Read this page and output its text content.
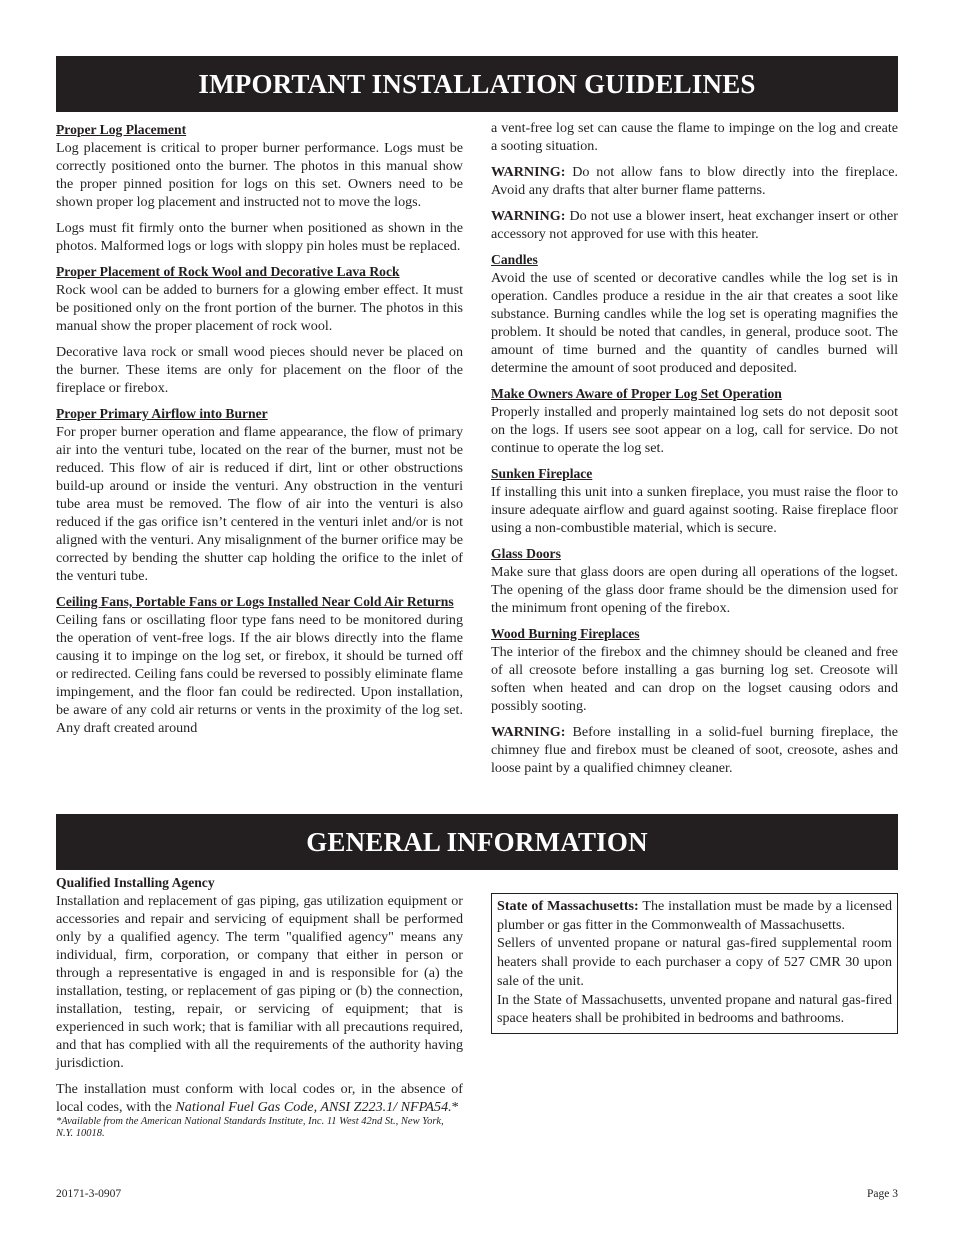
IMPORTANT INSTALLATION GUIDELINES
Proper Log Placement

Log placement is critical to proper burner performance. Logs must be correctly positioned onto the burner. The photos in this manual show the proper pinned position for logs on this set. Owners need to be shown proper log placement and instructed not to move the logs.

Logs must fit firmly onto the burner when positioned as shown in the photos. Malformed logs or logs with sloppy pin holes must be replaced.

Proper Placement of Rock Wool and Decorative Lava Rock

Rock wool can be added to burners for a glowing ember effect. It must be positioned only on the front portion of the burner. The photos in this manual show the proper placement of rock wool.

Decorative lava rock or small wood pieces should never be placed on the burner. These items are only for placement on the floor of the fireplace or firebox.

Proper Primary Airflow into Burner

For proper burner operation and flame appearance, the flow of primary air into the venturi tube, located on the rear of the burner, must not be reduced. This flow of air is reduced if dirt, lint or other obstructions build-up around or inside the venturi. Any obstruction in the venturi tube area must be removed. The flow of air into the venturi is also reduced if the gas orifice isn’t centered in the venturi inlet and/or is not aligned with the venturi. Any misalignment of the burner orifice may be corrected by bending the shutter cap holding the orifice to the inlet of the venturi tube.

Ceiling Fans, Portable Fans or Logs Installed Near Cold Air Returns

Ceiling fans or oscillating floor type fans need to be monitored during the operation of vent-free logs. If the air blows directly into the flame causing it to impinge on the log set, or firebox, it should be turned off or redirected. Ceiling fans could be reversed to possibly eliminate flame impingement, and the floor fan could be redirected. Upon installation, be aware of any cold air returns or vents in the proximity of the log set. Any draft created around

a vent-free log set can cause the flame to impinge on the log and create a sooting situation.

WARNING: Do not allow fans to blow directly into the fireplace. Avoid any drafts that alter burner flame patterns.

WARNING: Do not use a blower insert, heat exchanger insert or other accessory not approved for use with this heater.

Candles

Avoid the use of scented or decorative candles while the log set is in operation. Candles produce a residue in the air that creates a soot like substance. Burning candles while the log set is operating magnifies the problem. It should be noted that candles, in general, produce soot. The amount of time burned and the quantity of candles burned will determine the amount of soot produced and deposited.

Make Owners Aware of Proper Log Set Operation

Properly installed and properly maintained log sets do not deposit soot on the logs. If users see soot appear on a log, call for service. Do not continue to operate the log set.

Sunken Fireplace

If installing this unit into a sunken fireplace, you must raise the floor to insure adequate airflow and guard against sooting. Raise fireplace floor using a non-combustible material, which is secure.

Glass Doors

Make sure that glass doors are open during all operations of the logset. The opening of the glass door frame should be the dimension used for the minimum front opening of the firebox.

Wood Burning Fireplaces

The interior of the firebox and the chimney should be cleaned and free of all creosote before installing a gas burning log set. Creosote will soften when heated and can drop on the logset causing odors and possibly sooting.

WARNING: Before installing in a solid-fuel burning fireplace, the chimney flue and firebox must be cleaned of soot, creosote, ashes and loose paint by a qualified chimney cleaner.

GENERAL INFORMATION
Qualified Installing Agency

Installation and replacement of gas piping, gas utilization equipment or accessories and repair and servicing of equipment shall be performed only by a qualified agency. The term "qualified agency" means any individual, firm, corporation, or company that either in person or through a representative is engaged in and is responsible for (a) the installation, testing, or replacement of gas piping or (b) the connection, installation, testing, repair, or servicing of equipment; that is experienced in such work; that is familiar with all precautions required, and that has complied with all the requirements of the authority having jurisdiction.

The installation must conform with local codes or, in the absence of local codes, with the National Fuel Gas Code, ANSI Z223.1/ NFPA54.*

*Available from the American National Standards Institute, Inc. 11 West 42nd St., New York, N.Y. 10018.

State of Massachusetts: The installation must be made by a licensed plumber or gas fitter in the Commonwealth of Massachusetts.

Sellers of unvented propane or natural gas-fired supplemental room heaters shall provide to each purchaser a copy of 527 CMR 30 upon sale of the unit.

In the State of Massachusetts, unvented propane and natural gas-fired space heaters shall be prohibited in bedrooms and bathrooms.

20171-3-0907	Page 3
